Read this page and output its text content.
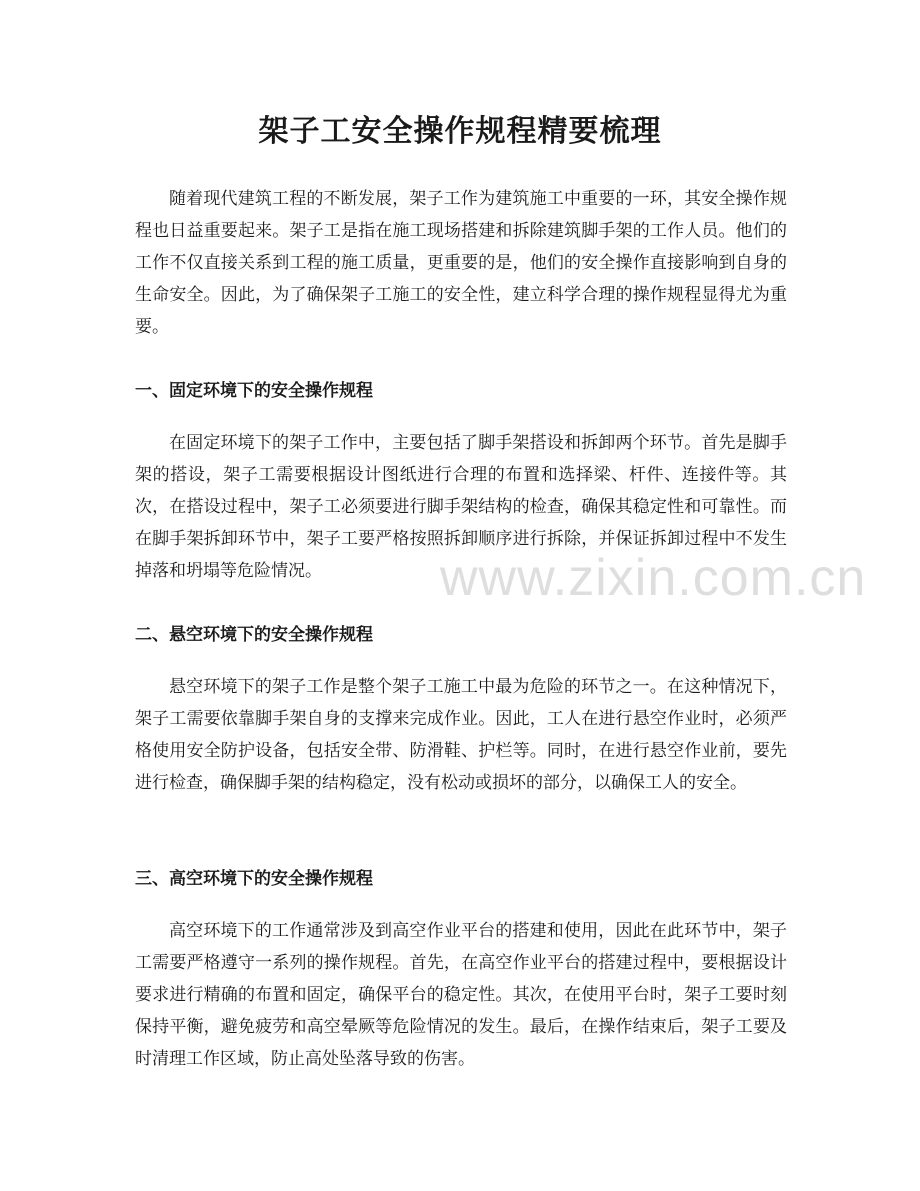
架子工安全操作规程精要梳理

随着现代建筑工程的不断发展，架子工作为建筑施工中重要的一环，其安全操作规程也日益重要起来。架子工是指在施工现场搭建和拆除建筑脚手架的工作人员。他们的工作不仅直接关系到工程的施工质量，更重要的是，他们的安全操作直接影响到自身的生命安全。因此，为了确保架子工施工的安全性，建立科学合理的操作规程显得尤为重要。

一、固定环境下的安全操作规程

在固定环境下的架子工作中，主要包括了脚手架搭设和拆卸两个环节。首先是脚手架的搭设，架子工需要根据设计图纸进行合理的布置和选择梁、杆件、连接件等。其次，在搭设过程中，架子工必须要进行脚手架结构的检查，确保其稳定性和可靠性。而在脚手架拆卸环节中，架子工要严格按照拆卸顺序进行拆除，并保证拆卸过程中不发生掉落和坍塌等危险情况。

二、悬空环境下的安全操作规程

悬空环境下的架子工作是整个架子工施工中最为危险的环节之一。在这种情况下，架子工需要依靠脚手架自身的支撑来完成作业。因此，工人在进行悬空作业时，必须严格使用安全防护设备，包括安全带、防滑鞋、护栏等。同时，在进行悬空作业前，要先进行检查，确保脚手架的结构稳定，没有松动或损坏的部分，以确保工人的安全。

三、高空环境下的安全操作规程

高空环境下的工作通常涉及到高空作业平台的搭建和使用，因此在此环节中，架子工需要严格遵守一系列的操作规程。首先，在高空作业平台的搭建过程中，要根据设计要求进行精确的布置和固定，确保平台的稳定性。其次，在使用平台时，架子工要时刻保持平衡，避免疲劳和高空晕厥等危险情况的发生。最后，在操作结束后，架子工要及时清理工作区域，防止高处坠落导致的伤害。

www.zixin.com.cn
